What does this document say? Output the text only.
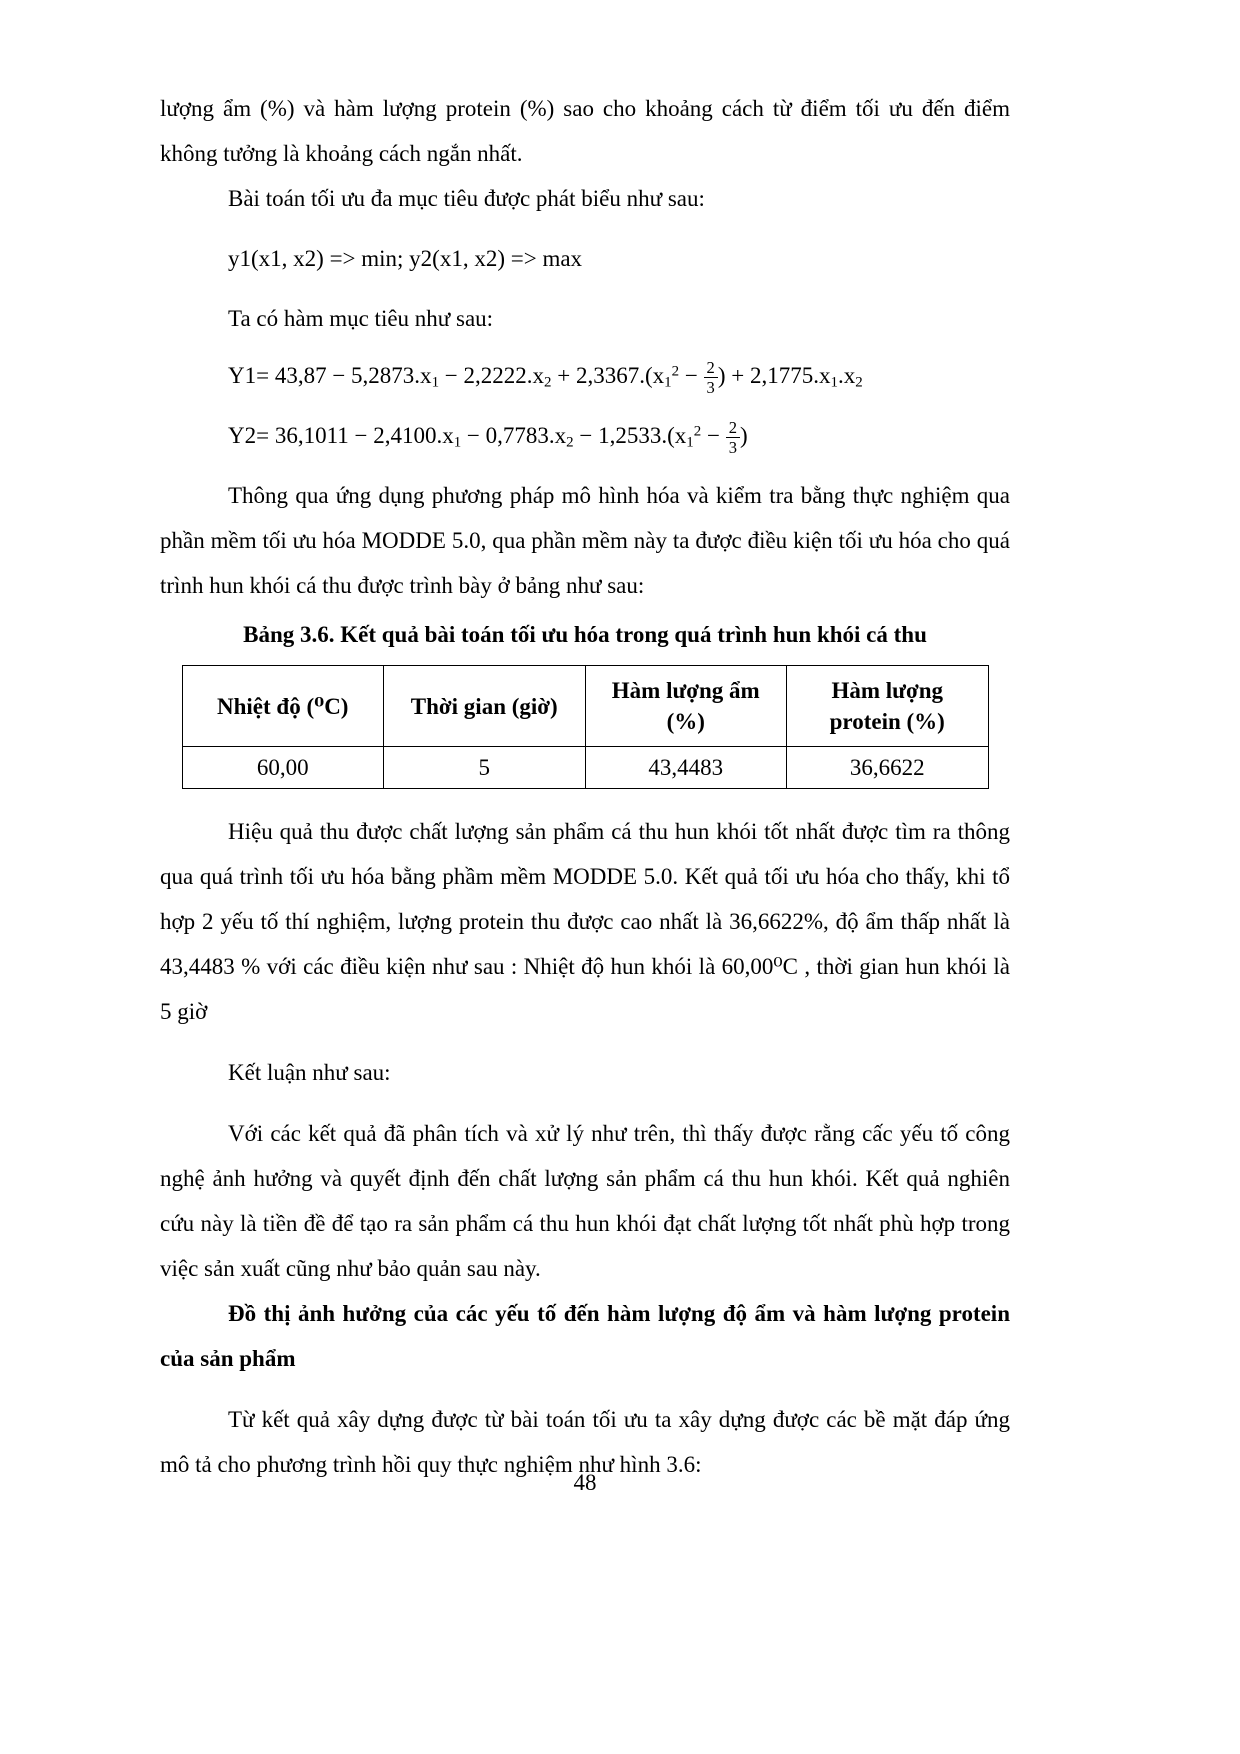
lượng ẩm (%) và hàm lượng protein (%) sao cho khoảng cách từ điểm tối ưu đến điểm không tưởng là khoảng cách ngắn nhất.

Bài toán tối ưu đa mục tiêu được phát biểu như sau:

y1(x1, x2) => min; y2(x1, x2) => max

Ta có hàm mục tiêu như sau:

$Y1= 43,87 - 5,2873.x_1 - 2,2222.x_2 + 2,3367.(x_1^2 - \frac{2}{3}$ ) + $2,1775.x_1.x_2$
$Y2= 36,1011 - 2,4100.x_1 - 0,7783.x_2 - 1,2533.(x_1^2 - \frac{2}{3}$ )

Thông qua ứng dụng phương pháp mô hình hóa và kiểm tra bằng thực nghiệm qua phần mềm tối ưu hóa MODDE 5.0, qua phần mềm này ta được điều kiện tối ưu hóa cho quá trình hun khói cá thu được trình bày ở bảng như sau:

Bảng 3.6. Kết quả bài toán tối ưu hóa trong quá trình hun khói cá thu
Nhiệt độ (⁰C)	Thời gian (giờ)	Hàm lượng ẩm (%)	Hàm lượng protein (%)
60,00	5	43,4483	36,6622

Hiệu quả thu được chất lượng sản phẩm cá thu hun khói tốt nhất được tìm ra thông qua quá trình tối ưu hóa bằng phầm mềm MODDE 5.0. Kết quả tối ưu hóa cho thấy, khi tổ hợp 2 yếu tố thí nghiệm, lượng protein thu được cao nhất là 36,6622%, độ ẩm thấp nhất là 43,4483 % với các điều kiện như sau : Nhiệt độ hun khói là 60,00⁰C , thời gian hun khói là 5 giờ

Kết luận như sau:

Với các kết quả đã phân tích và xử lý như trên, thì thấy được rằng cấc yếu tố công nghệ ảnh hưởng và quyết định đến chất lượng sản phẩm cá thu hun khói. Kết quả nghiên cứu này là tiền đề để tạo ra sản phẩm cá thu hun khói đạt chất lượng tốt nhất phù hợp trong việc sản xuất cũng như bảo quản sau này.

Đồ thị ảnh hưởng của các yếu tố đến hàm lượng độ ẩm và hàm lượng protein của sản phẩm

Từ kết quả xây dựng được từ bài toán tối ưu ta xây dựng được các bề mặt đáp ứng mô tả cho phương trình hồi quy thực nghiệm như hình 3.6:

48
